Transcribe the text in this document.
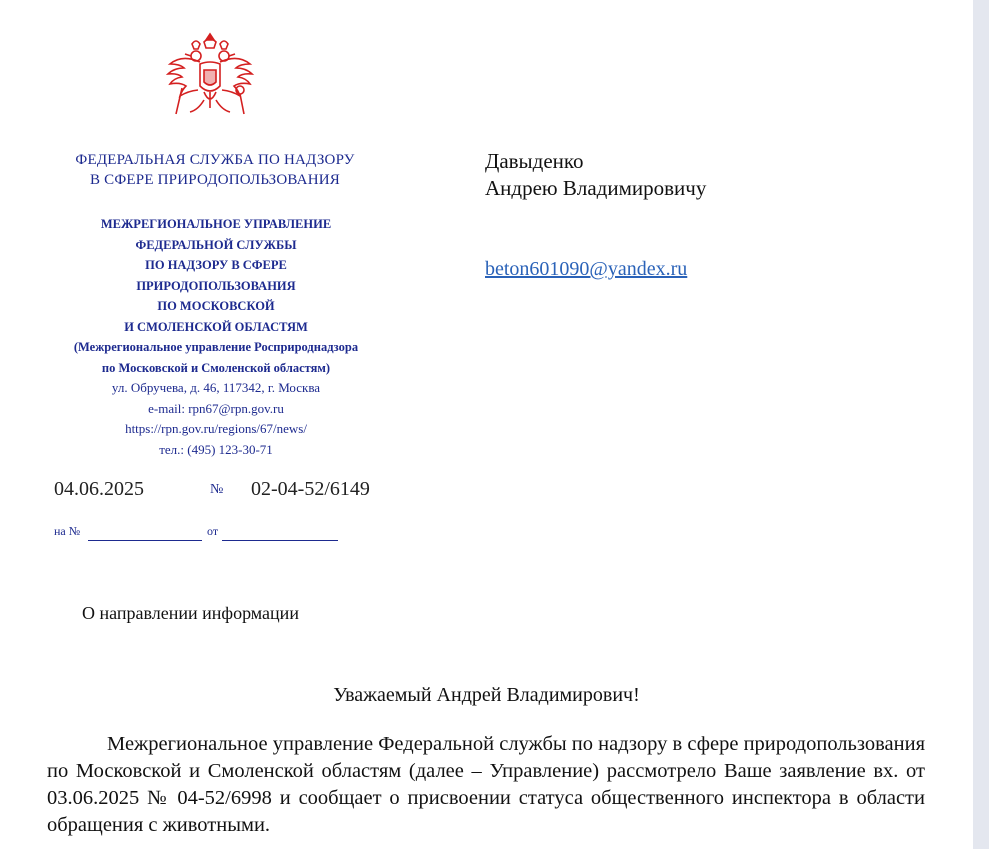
ФЕДЕРАЛЬНАЯ СЛУЖБА ПО НАДЗОРУ
В СФЕРЕ ПРИРОДОПОЛЬЗОВАНИЯ
МЕЖРЕГИОНАЛЬНОЕ УПРАВЛЕНИЕ
ФЕДЕРАЛЬНОЙ СЛУЖБЫ
ПО НАДЗОРУ В СФЕРЕ
ПРИРОДОПОЛЬЗОВАНИЯ
ПО МОСКОВСКОЙ
И СМОЛЕНСКОЙ ОБЛАСТЯМ
(Межрегиональное управление Росприроднадзора
по Московской и Смоленской областям)
ул. Обручева, д. 46, 117342, г. Москва
e-mail: rpn67@rpn.gov.ru
https://rpn.gov.ru/regions/67/news/
тел.: (495) 123-30-71
04.06.2025	№ 02-04-52/6149
на №	от
Давыденко
Андрею Владимировичу
beton601090@yandex.ru
О направлении информации
Уважаемый Андрей Владимирович!
Межрегиональное управление Федеральной службы по надзору в сфере природопользования по Московской и Смоленской областям (далее – Управление) рассмотрело Ваше заявление вх. от 03.06.2025 № 04-52/6998 и сообщает о присвоении статуса общественного инспектора в области обращения с животными.
